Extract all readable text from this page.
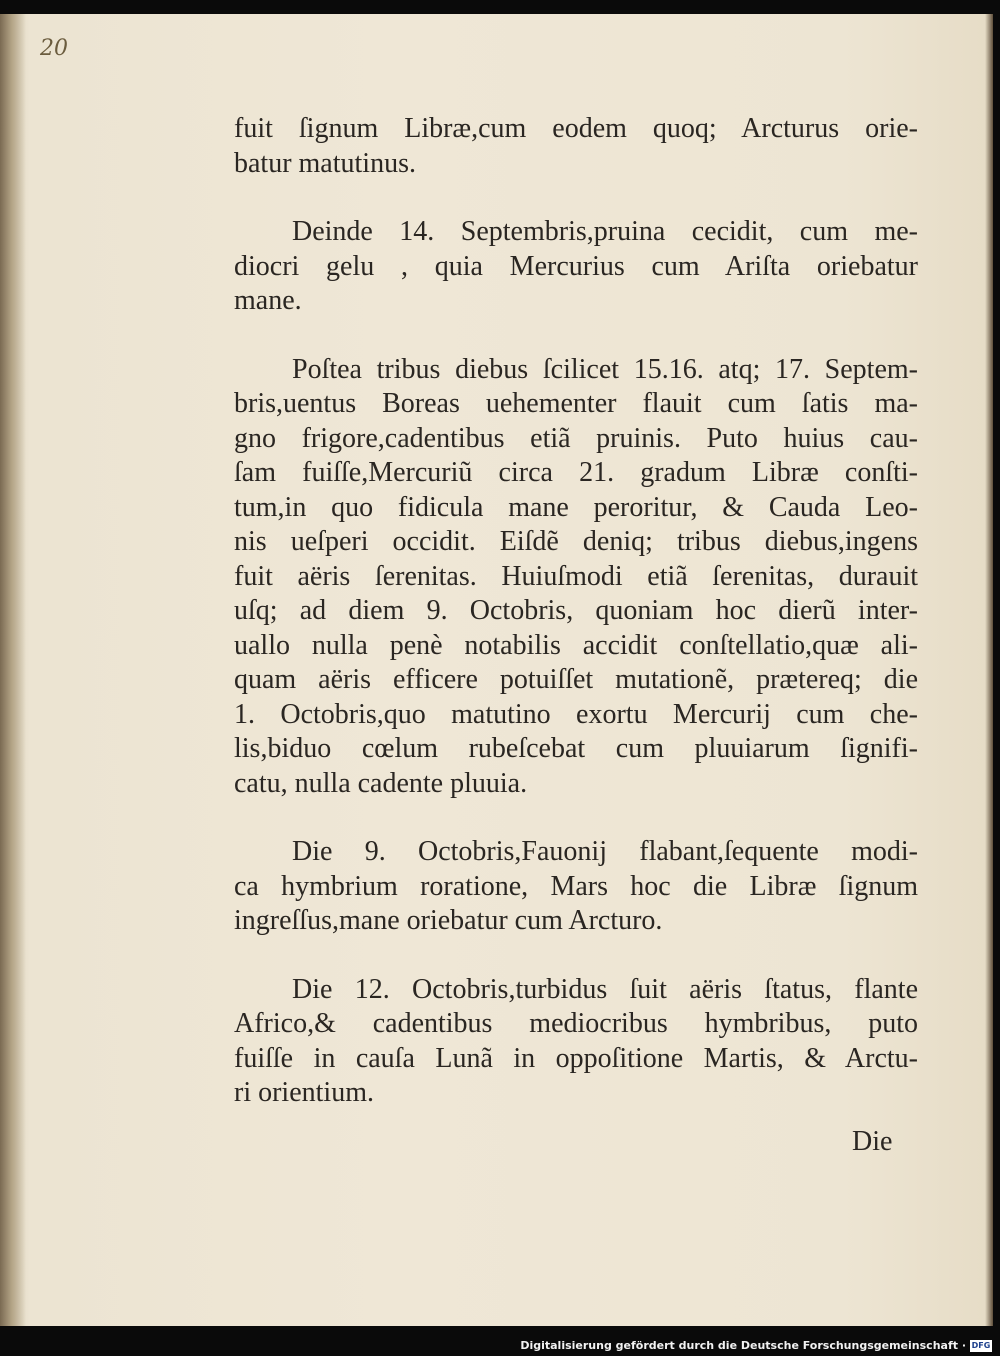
20
fuit ſignum Libræ,cum eodem quoq; Arcturus orie-
batur matutinus.
Deinde 14. Septembris,pruina cecidit, cum me-
diocri gelu , quia Mercurius cum Ariſta oriebatur
mane.
Poſtea tribus diebus ſcilicet 15.16. atq; 17. Septem-
bris,uentus Boreas uehementer flauit cum ſatis ma-
gno frigore,cadentibus etiã pruinis. Puto huius cau-
ſam fuiſſe,Mercuriũ circa 21. gradum Libræ conſti-
tum,in quo fidicula mane peroritur, & Cauda Leo-
nis ueſperi occidit. Eiſdẽ deniq; tribus diebus,ingens
fuit aëris ſerenitas. Huiuſmodi etiã ſerenitas, durauit
uſq; ad diem 9. Octobris, quoniam hoc dierũ inter-
uallo nulla penè notabilis accidit conſtellatio,quæ ali-
quam aëris efficere potuiſſet mutationẽ, prætereq; die
1. Octobris,quo matutino exortu Mercurij cum che-
lis,biduo cœlum rubeſcebat cum pluuiarum ſignifi-
catu, nulla cadente pluuia.
Die 9. Octobris,Fauonij flabant,ſequente modi-
ca hymbrium roratione, Mars hoc die Libræ ſignum
ingreſſus,mane oriebatur cum Arcturo.
Die 12. Octobris,turbidus ſuit aëris ſtatus, flante
Africo,& cadentibus mediocribus hymbribus, puto
fuiſſe in cauſa Lunã in oppoſitione Martis, & Arctu-
ri orientium.
Die
Digitalisierung gefördert durch die Deutsche Forschungsgemeinschaft · DFG
